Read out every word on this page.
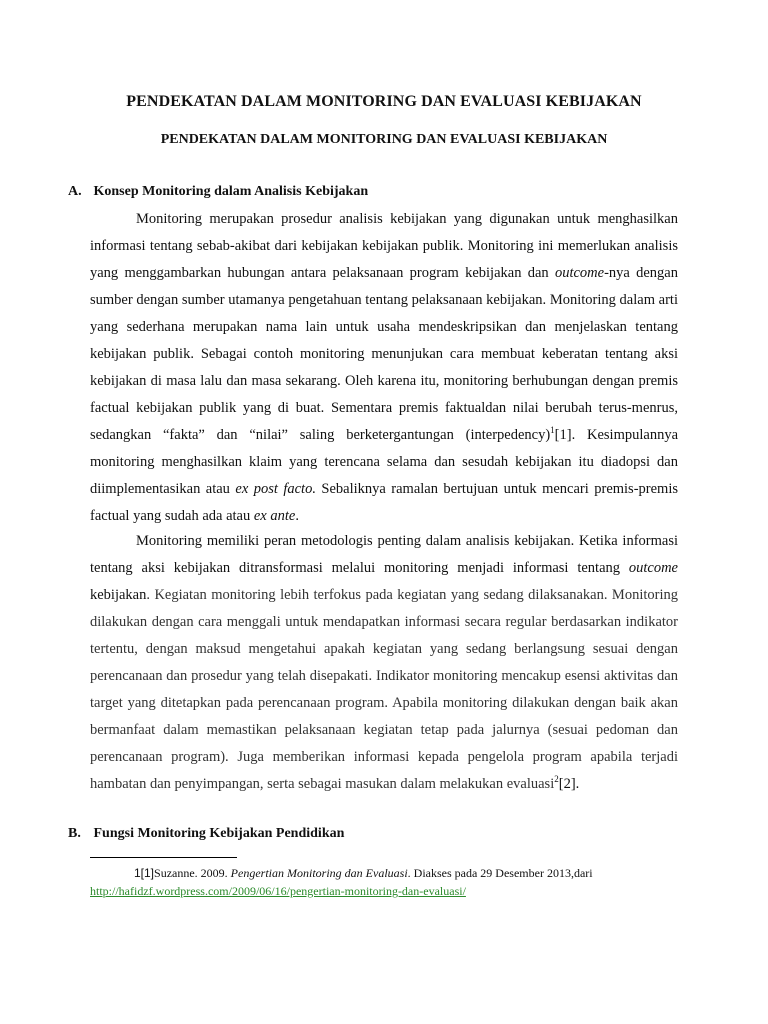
PENDEKATAN DALAM MONITORING DAN EVALUASI KEBIJAKAN
PENDEKATAN DALAM MONITORING DAN EVALUASI KEBIJAKAN
A. Konsep Monitoring dalam Analisis Kebijakan

Monitoring merupakan prosedur analisis kebijakan yang digunakan untuk menghasilkan informasi tentang sebab-akibat dari kebijakan kebijakan publik. Monitoring ini memerlukan analisis yang menggambarkan hubungan antara pelaksanaan program kebijakan dan outcome-nya dengan sumber dengan sumber utamanya pengetahuan tentang pelaksanaan kebijakan. Monitoring dalam arti yang sederhana merupakan nama lain untuk usaha mendeskripsikan dan menjelaskan tentang kebijakan publik. Sebagai contoh monitoring menunjukan cara membuat keberatan tentang aksi kebijakan di masa lalu dan masa sekarang. Oleh karena itu, monitoring berhubungan dengan premis factual kebijakan publik yang di buat. Sementara premis faktualdan nilai berubah terus-menrus, sedangkan “fakta” dan “nilai” saling berketergantungan (interpedency)$^1$[1]. Kesimpulannya monitoring menghasilkan klaim yang terencana selama dan sesudah kebijakan itu diadopsi dan diimplementasikan atau ex post facto. Sebaliknya ramalan bertujuan untuk mencari premis-premis factual yang sudah ada atau ex ante.

Monitoring memiliki peran metodologis penting dalam analisis kebijakan. Ketika informasi tentang aksi kebijakan ditransformasi melalui monitoring menjadi informasi tentang outcome kebijakan. Kegiatan monitoring lebih terfokus pada kegiatan yang sedang dilaksanakan. Monitoring dilakukan dengan cara menggali untuk mendapatkan informasi secara regular berdasarkan indikator tertentu, dengan maksud mengetahui apakah kegiatan yang sedang berlangsung sesuai dengan perencanaan dan prosedur yang telah disepakati. Indikator monitoring mencakup esensi aktivitas dan target yang ditetapkan pada perencanaan program. Apabila monitoring dilakukan dengan baik akan bermanfaat dalam memastikan pelaksanaan kegiatan tetap pada jalurnya (sesuai pedoman dan perencanaan program). Juga memberikan informasi kepada pengelola program apabila terjadi hambatan dan penyimpangan, serta sebagai masukan dalam melakukan evaluasi$^2$[2].

B. Fungsi Monitoring Kebijakan Pendidikan
1[1]Suzanne. 2009. Pengertian Monitoring dan Evaluasi. Diakses pada 29 Desember 2013,dari
http://hafidzf.wordpress.com/2009/06/16/pengertian-monitoring-dan-evaluasi/
